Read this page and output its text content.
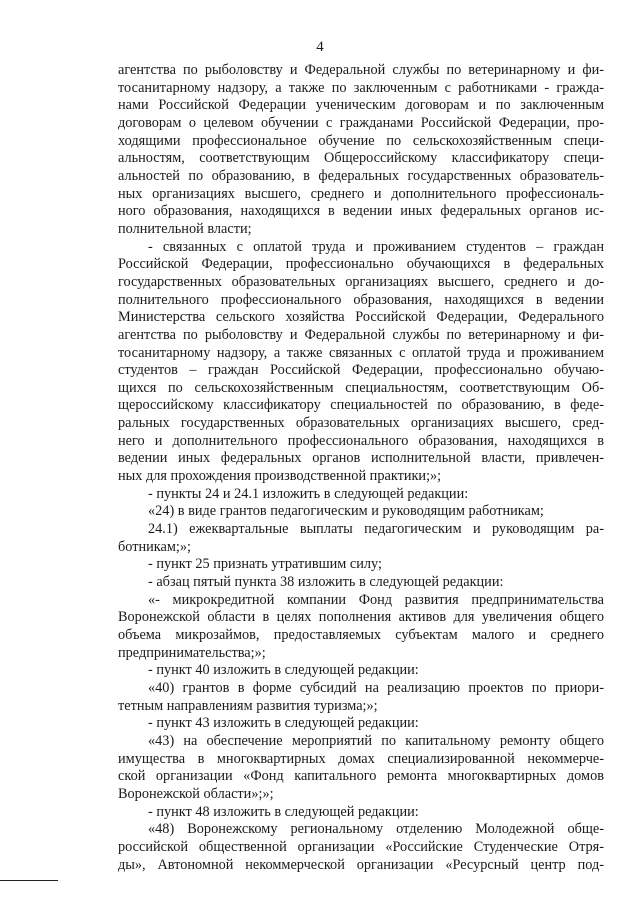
4
агентства по рыболовству и Федеральной службы по ветеринарному и фи-
тосанитарному надзору, а также по заключенным с работниками - гражда-
нами Российской Федерации ученическим договорам и по заключенным
договорам о целевом обучении с гражданами Российской Федерации, про-
ходящими профессиональное обучение по сельскохозяйственным специ-
альностям, соответствующим Общероссийскому классификатору специ-
альностей по образованию, в федеральных государственных образователь-
ных организациях высшего, среднего и дополнительного профессиональ-
ного образования, находящихся в ведении иных федеральных органов ис-
полнительной власти;
- связанных с оплатой труда и проживанием студентов – граждан
Российской Федерации, профессионально обучающихся в федеральных
государственных образовательных организациях высшего, среднего и до-
полнительного профессионального образования, находящихся в ведении
Министерства сельского хозяйства Российской Федерации, Федерального
агентства по рыболовству и Федеральной службы по ветеринарному и фи-
тосанитарному надзору, а также связанных с оплатой труда и проживанием
студентов – граждан Российской Федерации, профессионально обучаю-
щихся по сельскохозяйственным специальностям, соответствующим Об-
щероссийскому классификатору специальностей по образованию, в феде-
ральных государственных образовательных организациях высшего, сред-
него и дополнительного профессионального образования, находящихся в
ведении иных федеральных органов исполнительной власти, привлечен-
ных для прохождения производственной практики;»;
- пункты 24 и 24.1 изложить в следующей редакции:
«24) в виде грантов педагогическим и руководящим работникам;
24.1) ежеквартальные выплаты педагогическим и руководящим ра-
ботникам;»;
- пункт 25 признать утратившим силу;
- абзац пятый пункта 38 изложить в следующей редакции:
«- микрокредитной компании Фонд развития предпринимательства
Воронежской области в целях пополнения активов для увеличения общего
объема микрозаймов, предоставляемых субъектам малого и среднего
предпринимательства;»;
- пункт 40 изложить в следующей редакции:
«40) грантов в форме субсидий на реализацию проектов по приори-
тетным направлениям развития туризма;»;
- пункт 43 изложить в следующей редакции:
«43) на обеспечение мероприятий по капитальному ремонту общего
имущества в многоквартирных домах специализированной некоммерче-
ской организации «Фонд капитального ремонта многоквартирных домов
Воронежской области»;»;
- пункт 48 изложить в следующей редакции:
«48) Воронежскому региональному отделению Молодежной обще-
российской общественной организации «Российские Студенческие Отря-
ды», Автономной некоммерческой организации «Ресурсный центр под-
